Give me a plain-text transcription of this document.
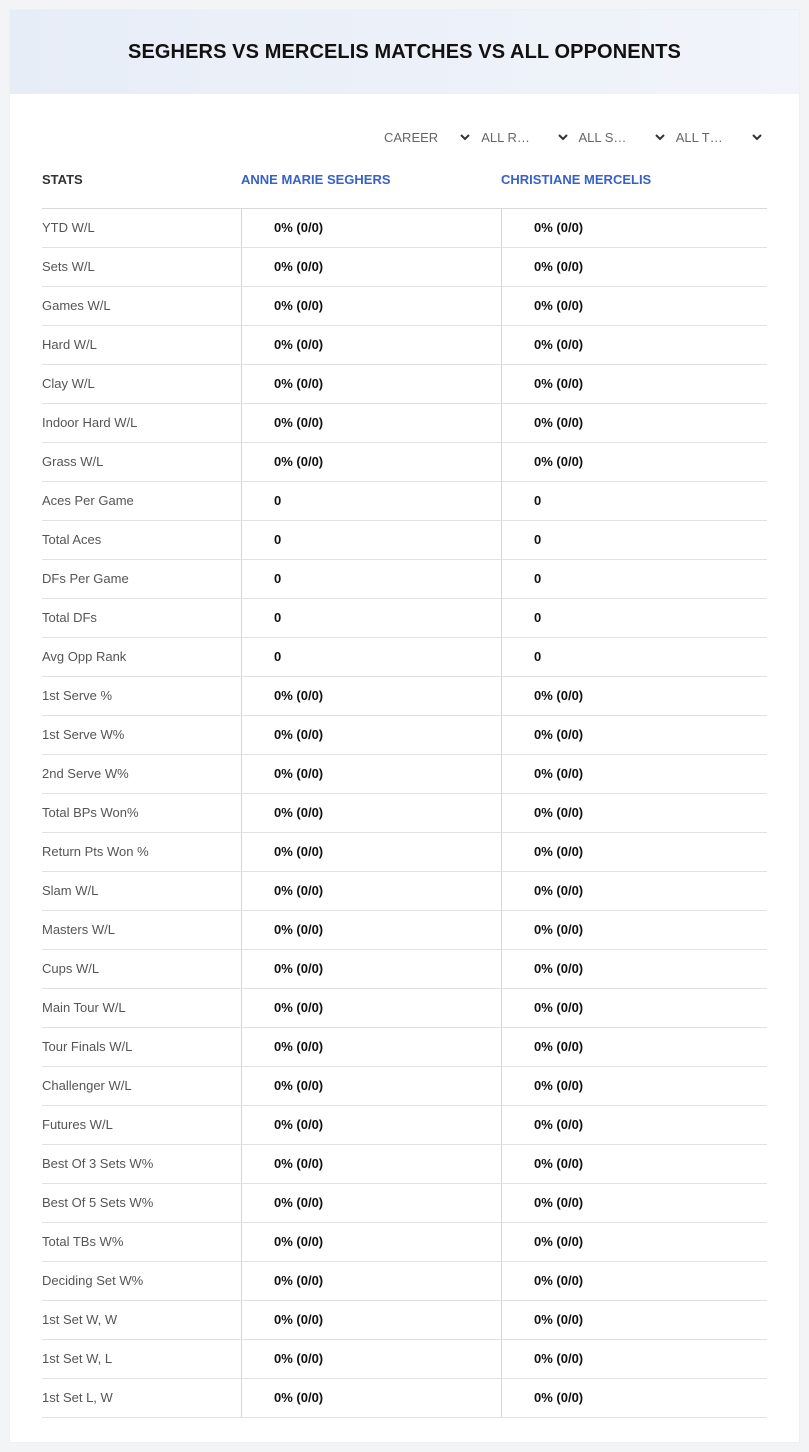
SEGHERS VS MERCELIS MATCHES VS ALL OPPONENTS
CAREER	ALL R…	ALL S…	ALL T…
STATS	ANNE MARIE SEGHERS	CHRISTIANE MERCELIS
YTD W/L	0% (0/0)	0% (0/0)
Sets W/L	0% (0/0)	0% (0/0)
Games W/L	0% (0/0)	0% (0/0)
Hard W/L	0% (0/0)	0% (0/0)
Clay W/L	0% (0/0)	0% (0/0)
Indoor Hard W/L	0% (0/0)	0% (0/0)
Grass W/L	0% (0/0)	0% (0/0)
Aces Per Game	0	0
Total Aces	0	0
DFs Per Game	0	0
Total DFs	0	0
Avg Opp Rank	0	0
1st Serve %	0% (0/0)	0% (0/0)
1st Serve W%	0% (0/0)	0% (0/0)
2nd Serve W%	0% (0/0)	0% (0/0)
Total BPs Won%	0% (0/0)	0% (0/0)
Return Pts Won %	0% (0/0)	0% (0/0)
Slam W/L	0% (0/0)	0% (0/0)
Masters W/L	0% (0/0)	0% (0/0)
Cups W/L	0% (0/0)	0% (0/0)
Main Tour W/L	0% (0/0)	0% (0/0)
Tour Finals W/L	0% (0/0)	0% (0/0)
Challenger W/L	0% (0/0)	0% (0/0)
Futures W/L	0% (0/0)	0% (0/0)
Best Of 3 Sets W%	0% (0/0)	0% (0/0)
Best Of 5 Sets W%	0% (0/0)	0% (0/0)
Total TBs W%	0% (0/0)	0% (0/0)
Deciding Set W%	0% (0/0)	0% (0/0)
1st Set W, W	0% (0/0)	0% (0/0)
1st Set W, L	0% (0/0)	0% (0/0)
1st Set L, W	0% (0/0)	0% (0/0)
